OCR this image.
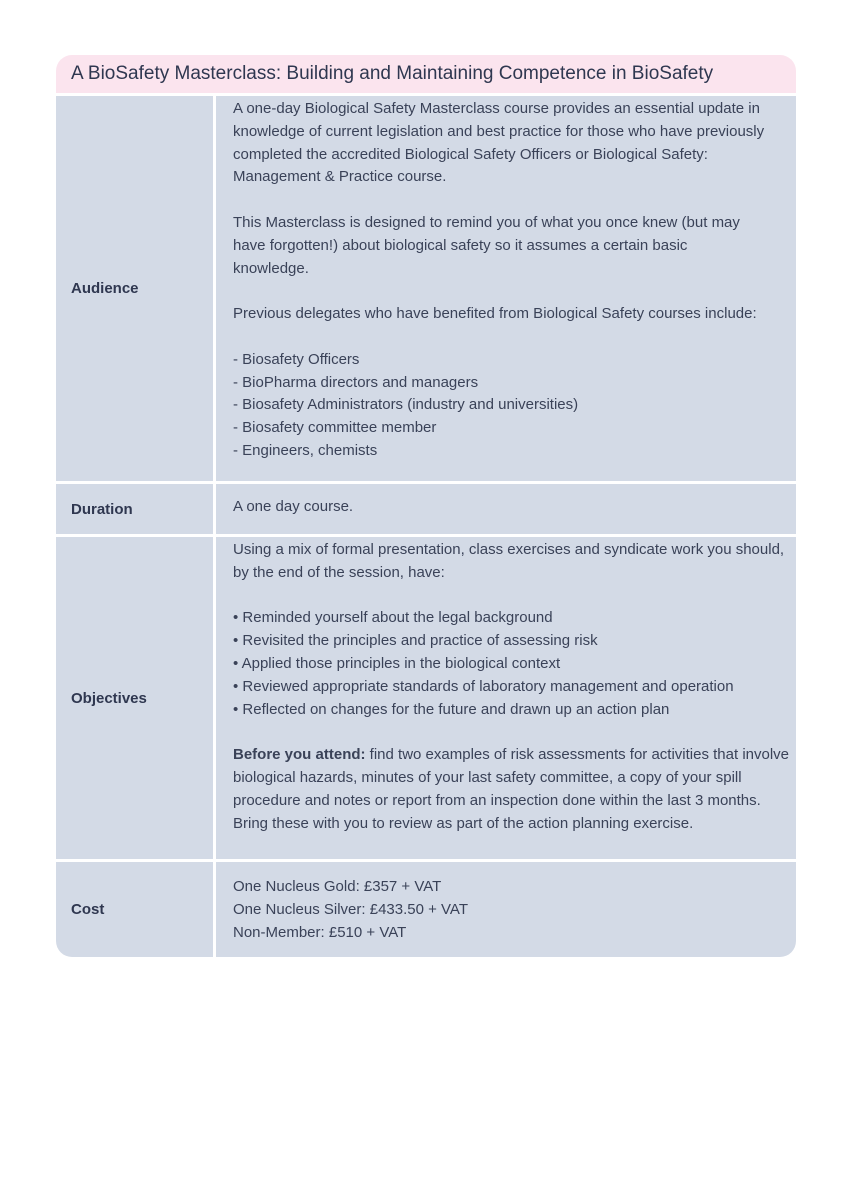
A BioSafety Masterclass: Building and Maintaining Competence in BioSafety
Audience

A one-day Biological Safety Masterclass course provides an essential update in knowledge of current legislation and best practice for those who have previously completed the accredited Biological Safety Officers or Biological Safety: Management & Practice course.

This Masterclass is designed to remind you of what you once knew (but may have forgotten!) about biological safety so it assumes a certain basic knowledge.

Previous delegates who have benefited from Biological Safety courses include:

- Biosafety Officers

- BioPharma directors and managers

- Biosafety Administrators (industry and universities)

- Biosafety committee member

- Engineers, chemists

Duration	A one day course.

Objectives

Using a mix of formal presentation, class exercises and syndicate work you should, by the end of the session, have:

• Reminded yourself about the legal background

• Revisited the principles and practice of assessing risk

• Applied those principles in the biological context

• Reviewed appropriate standards of laboratory management and operation

• Reflected on changes for the future and drawn up an action plan

Before you attend: find two examples of risk assessments for activities that involve biological hazards, minutes of your last safety committee, a copy of your spill procedure and notes or report from an inspection done within the last 3 months. Bring these with you to review as part of the action planning exercise.

Cost

One Nucleus Gold: £357 + VAT

One Nucleus Silver: £433.50 + VAT

Non-Member: £510 + VAT
